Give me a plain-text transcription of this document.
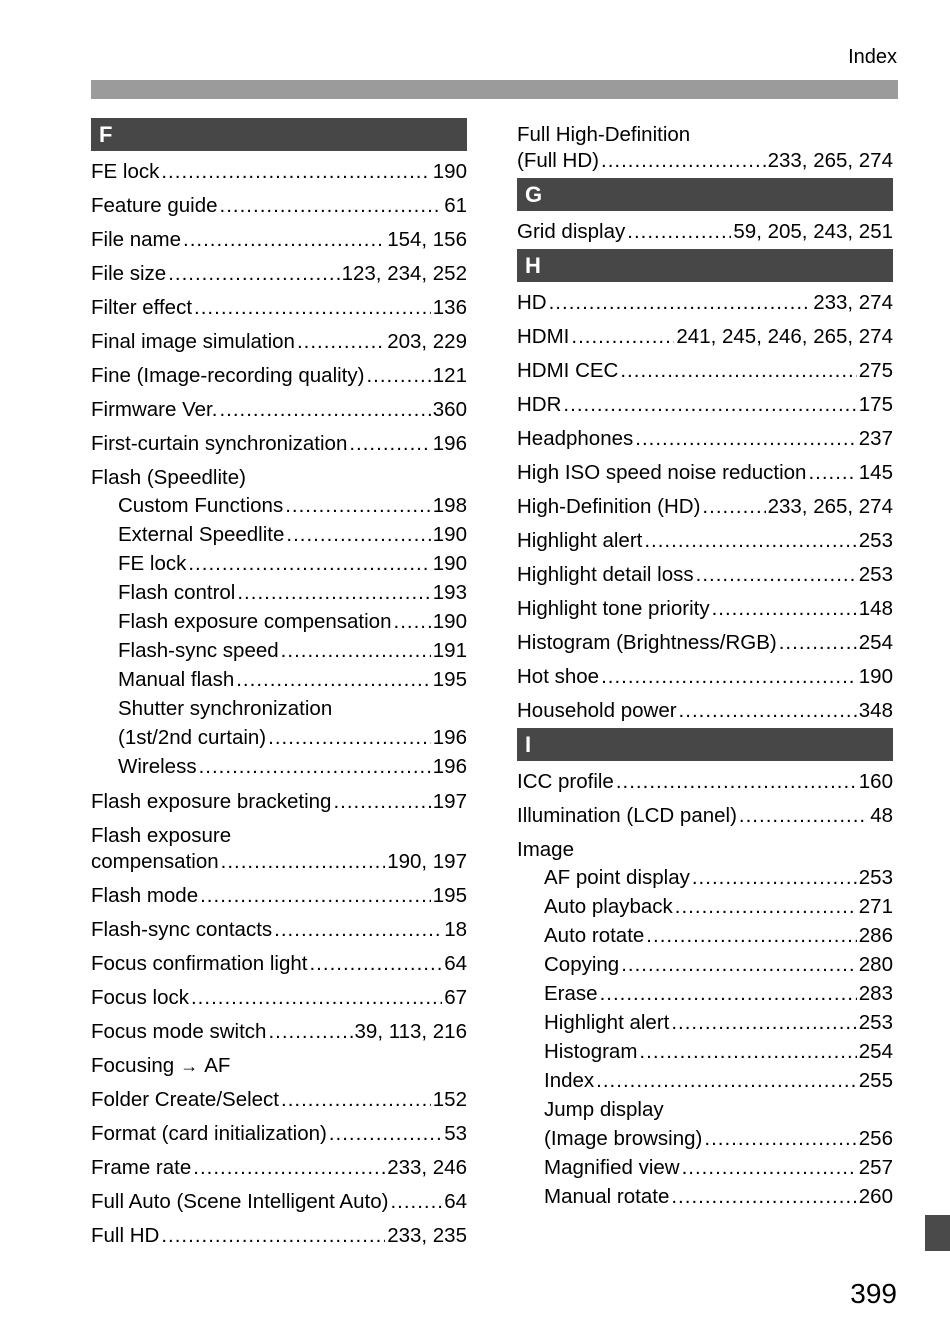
Index
F
FE lock .....	190
Feature guide .....	61
File name .....	154, 156
File size .....	123, 234, 252
Filter effect .....	136
Final image simulation .....	203, 229
Fine (Image-recording quality) .....	121
Firmware Ver. .....	360
First-curtain synchronization .....	196
Flash (Speedlite)
Custom Functions .....	198
External Speedlite .....	190
FE lock .....	190
Flash control .....	193
Flash exposure compensation ..... 190
Flash-sync speed .....	191
Manual flash .....	195
Shutter synchronization
(1st/2nd curtain) .....	196
Wireless .....	196
Flash exposure bracketing .....	197
Flash exposure
compensation .....	190, 197
Flash mode .....	195
Flash-sync contacts .....	18
Focus confirmation light .....	64
Focus lock .....	67
Focus mode switch .....	39, 113, 216
Focusing → AF
Folder Create/Select .....	152
Format (card initialization) .....	53
Frame rate .....	233, 246
Full Auto (Scene Intelligent Auto) .....	64
Full HD .....	233, 235
Full High-Definition
(Full HD) .....	233, 265, 274
G
Grid display .....	59, 205, 243, 251
H
HD .....	233, 274
HDMI .....	241, 245, 246, 265, 274
HDMI CEC .....	275
HDR .....	175
Headphones .....	237
High ISO speed noise reduction .....	145
High-Definition (HD) .....	233, 265, 274
Highlight alert .....	253
Highlight detail loss .....	253
Highlight tone priority .....	148
Histogram (Brightness/RGB) .....	254
Hot shoe .....	190
Household power .....	348
I
ICC profile .....	160
Illumination (LCD panel) .....	48
Image
AF point display .....	253
Auto playback .....	271
Auto rotate .....	286
Copying .....	280
Erase .....	283
Highlight alert .....	253
Histogram .....	254
Index .....	255
Jump display
(Image browsing) .....	256
Magnified view .....	257
Manual rotate .....	260
399
